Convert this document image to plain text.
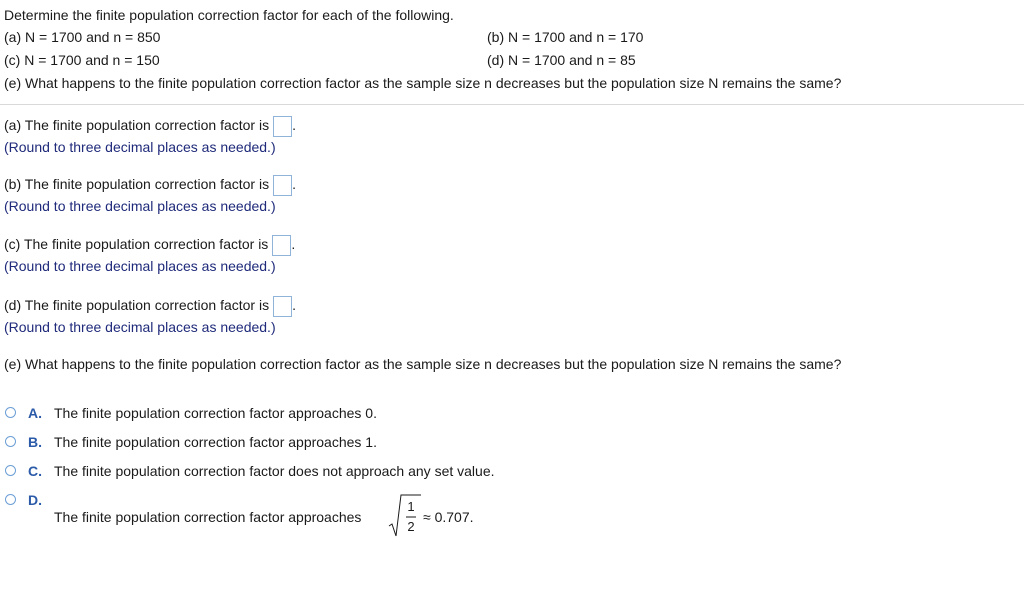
Determine the finite population correction factor for each of the following.
(a) N = 1700 and n = 850	(b) N = 1700 and n = 170
(c) N = 1700 and n = 150	(d) N = 1700 and n = 85
(e) What happens to the finite population correction factor as the sample size n decreases but the population size N remains the same?
(a) The finite population correction factor is .
(Round to three decimal places as needed.)
(b) The finite population correction factor is .
(Round to three decimal places as needed.)
(c) The finite population correction factor is .
(Round to three decimal places as needed.)
(d) The finite population correction factor is .
(Round to three decimal places as needed.)
(e) What happens to the finite population correction factor as the sample size n decreases but the population size N remains the same?
A. The finite population correction factor approaches 0.
B. The finite population correction factor approaches 1.
C. The finite population correction factor does not approach any set value.
D.
The finite population correction factor approaches
1
2
≈ 0.707.
